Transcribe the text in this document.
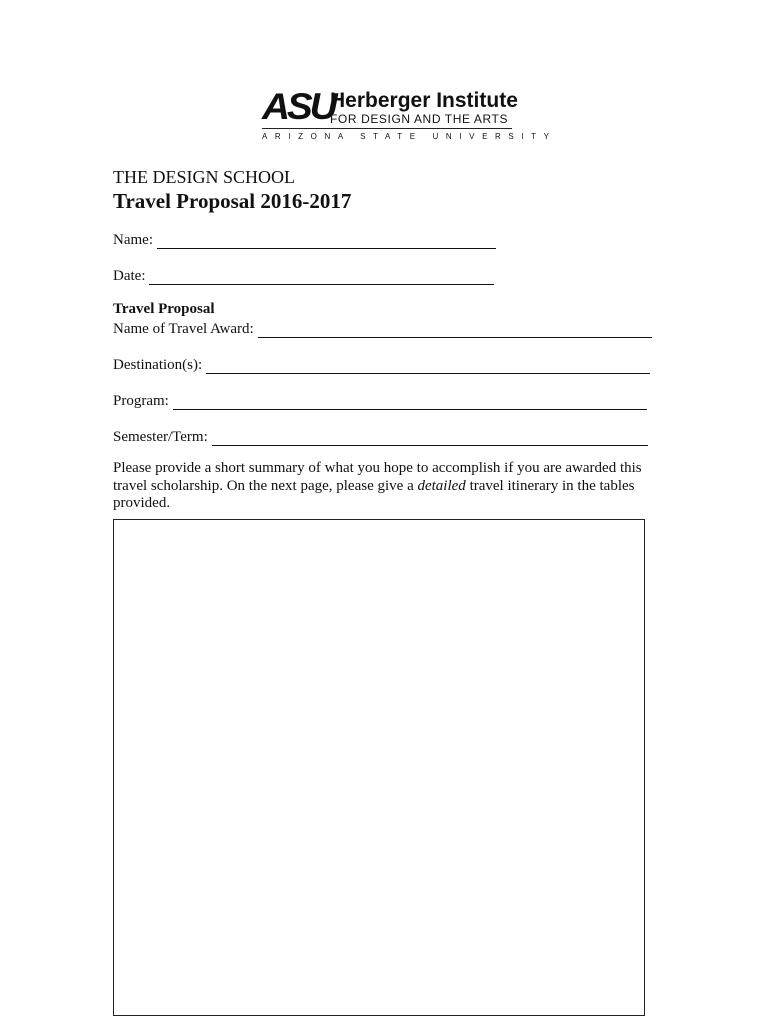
ASU
Herberger Institute
FOR DESIGN AND THE ARTS
ARIZONA STATE UNIVERSITY
THE DESIGN SCHOOL
Travel Proposal 2016-2017
Name:
Date:
Travel Proposal
Name of Travel Award:
Destination(s):
Program:
Semester/Term:
Please provide a short summary of what you hope to accomplish if you are awarded this travel scholarship. On the next page, please give a detailed travel itinerary in the tables provided.
